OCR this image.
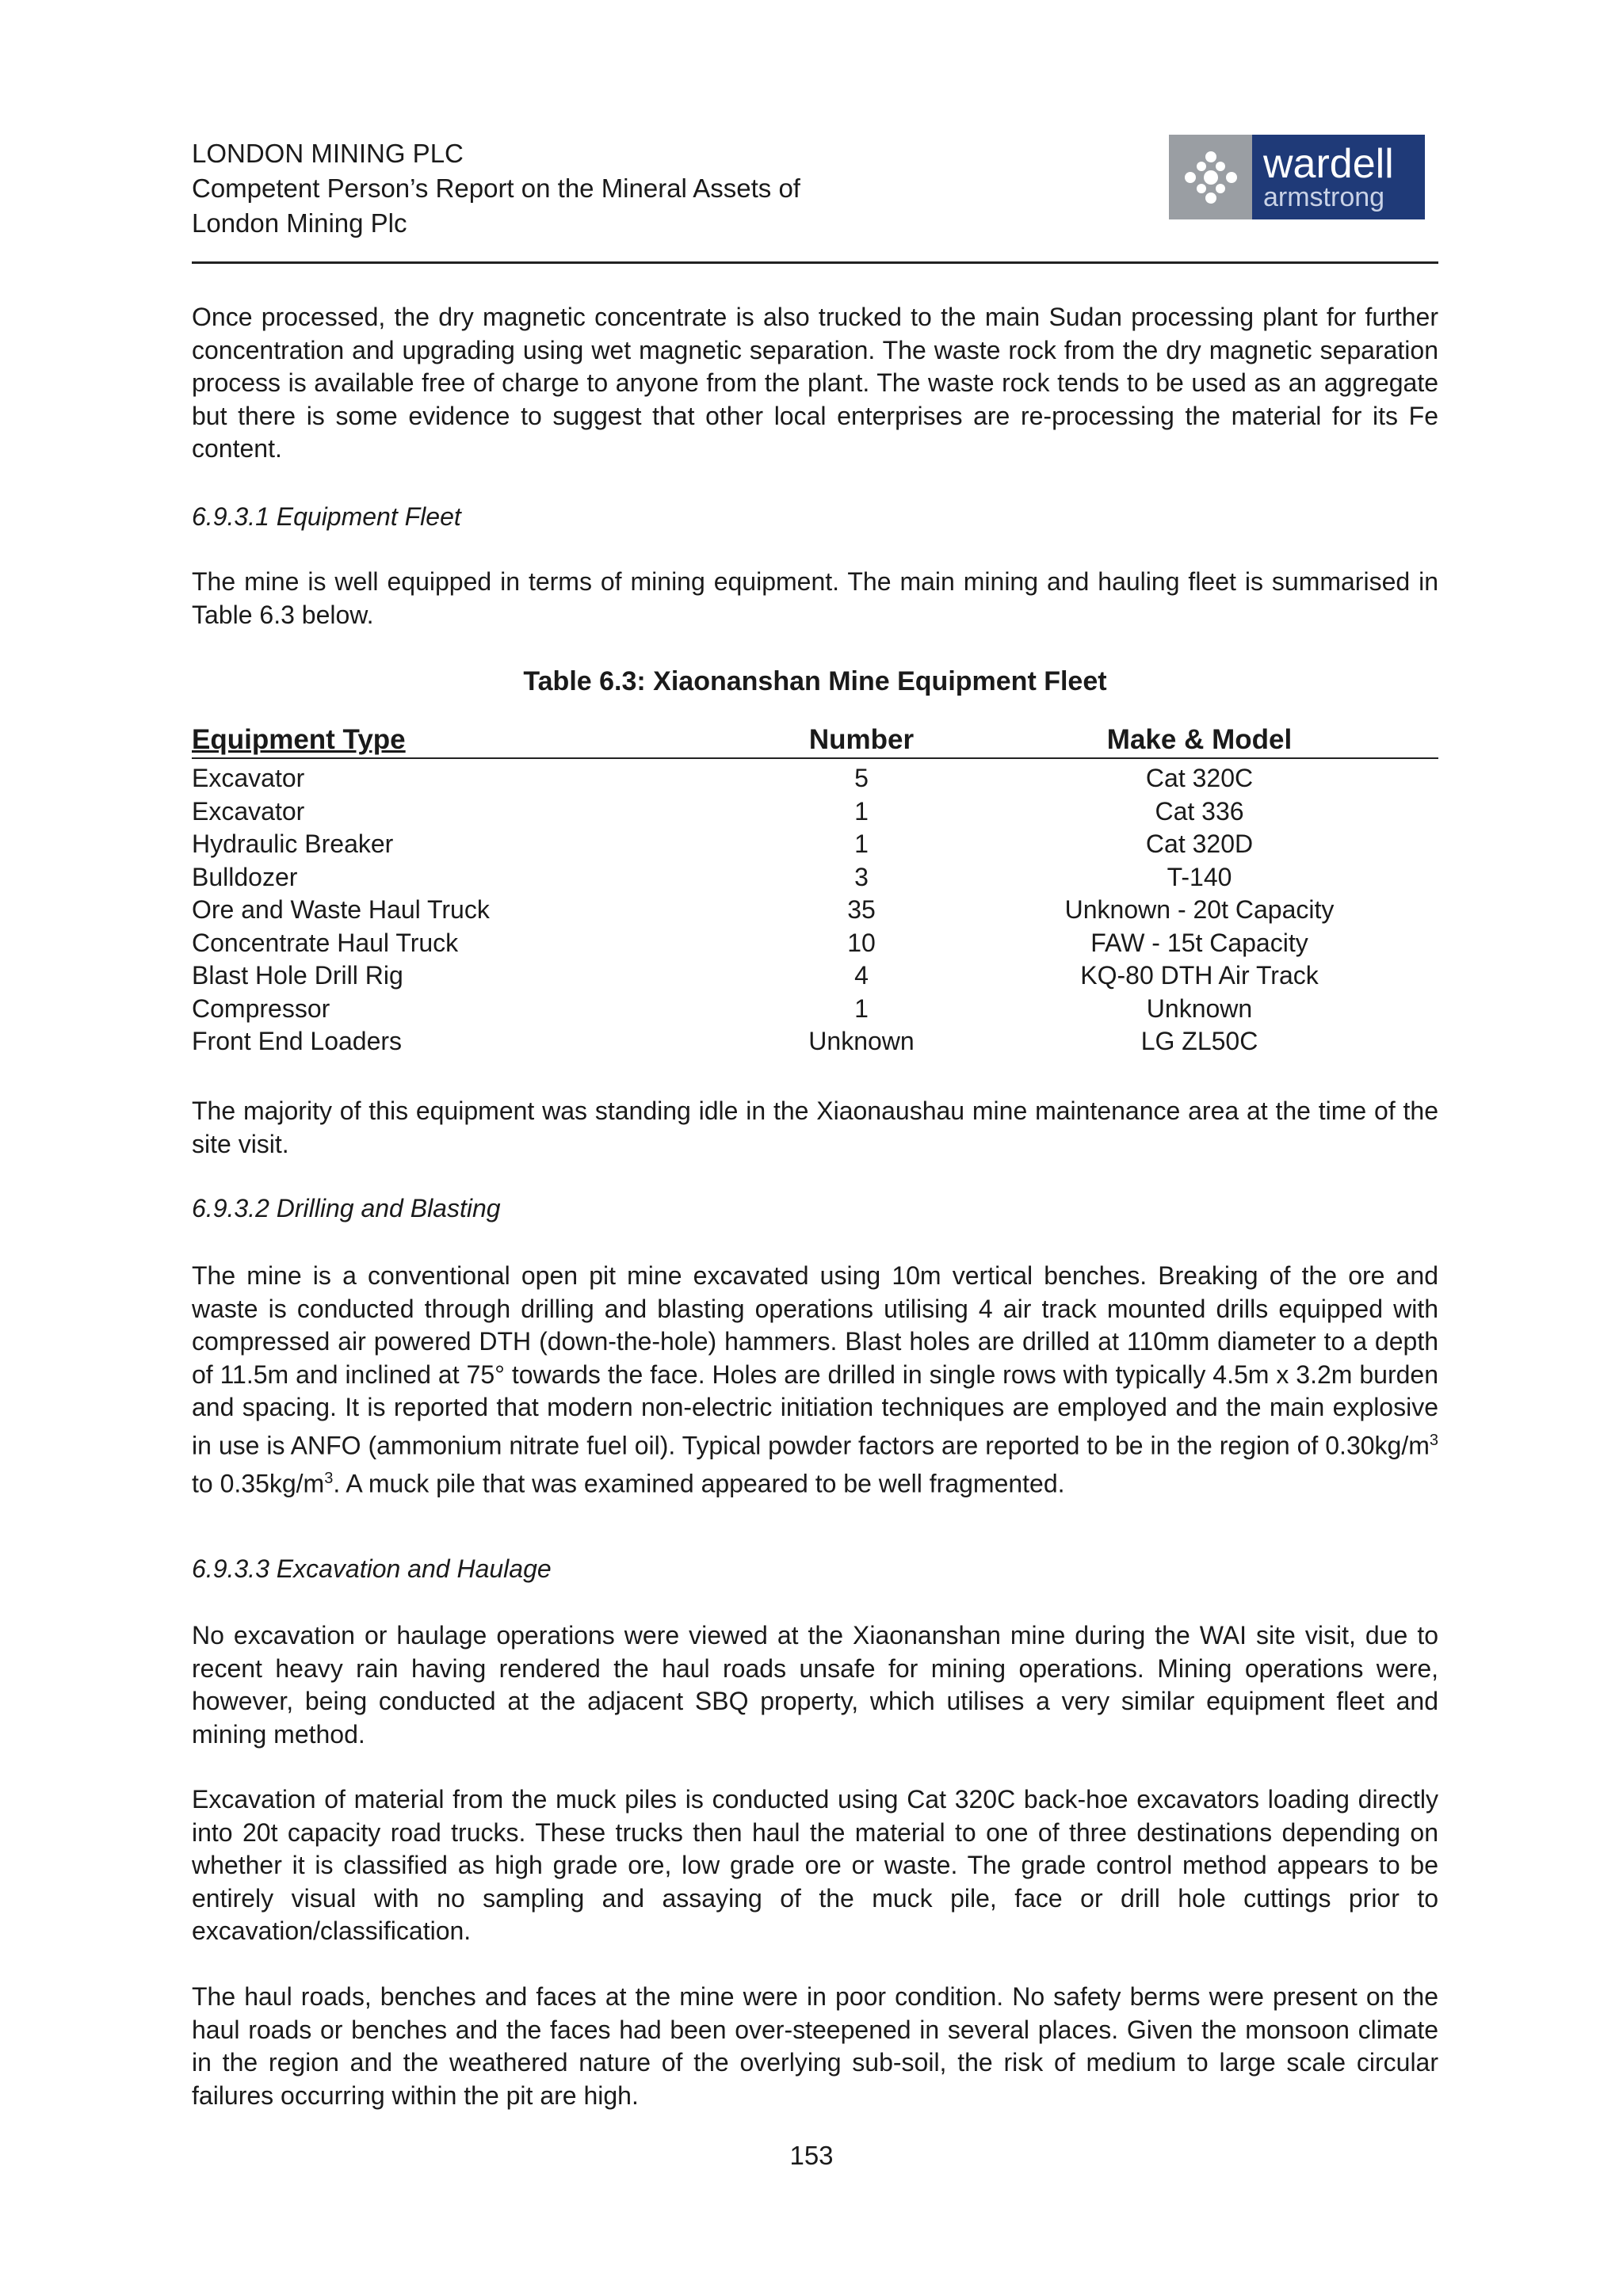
LONDON MINING PLC
Competent Person’s Report on the Mineral Assets of
London Mining Plc
wardell
armstrong

Once processed, the dry magnetic concentrate is also trucked to the main Sudan processing plant for further concentration and upgrading using wet magnetic separation. The waste rock from the dry magnetic separation process is available free of charge to anyone from the plant. The waste rock tends to be used as an aggregate but there is some evidence to suggest that other local enterprises are re-processing the material for its Fe content.

6.9.3.1 Equipment Fleet

The mine is well equipped in terms of mining equipment. The main mining and hauling fleet is summarised in Table 6.3 below.

Table 6.3: Xiaonanshan Mine Equipment Fleet
Equipment Type	Number	Make & Model
Excavator	5	Cat 320C
Excavator	1	Cat 336
Hydraulic Breaker	1	Cat 320D
Bulldozer	3	T-140
Ore and Waste Haul Truck	35	Unknown - 20t Capacity
Concentrate Haul Truck	10	FAW - 15t Capacity
Blast Hole Drill Rig	4	KQ-80 DTH Air Track
Compressor	1	Unknown
Front End Loaders	Unknown	LG ZL50C

The majority of this equipment was standing idle in the Xiaonaushau mine maintenance area at the time of the site visit.

6.9.3.2 Drilling and Blasting

The mine is a conventional open pit mine excavated using 10m vertical benches. Breaking of the ore and waste is conducted through drilling and blasting operations utilising 4 air track mounted drills equipped with compressed air powered DTH (down-the-hole) hammers. Blast holes are drilled at 110mm diameter to a depth of 11.5m and inclined at 75° towards the face. Holes are drilled in single rows with typically 4.5m x 3.2m burden and spacing. It is reported that modern non-electric initiation techniques are employed and the main explosive in use is ANFO (ammonium nitrate fuel oil). Typical powder factors are reported to be in the region of $0.30kg/m^3$ to $0.35kg/m^3$. A muck pile that was examined appeared to be well fragmented.

6.9.3.3 Excavation and Haulage

No excavation or haulage operations were viewed at the Xiaonanshan mine during the WAI site visit, due to recent heavy rain having rendered the haul roads unsafe for mining operations. Mining operations were, however, being conducted at the adjacent SBQ property, which utilises a very similar equipment fleet and mining method.

Excavation of material from the muck piles is conducted using Cat 320C back-hoe excavators loading directly into 20t capacity road trucks. These trucks then haul the material to one of three destinations depending on whether it is classified as high grade ore, low grade ore or waste. The grade control method appears to be entirely visual with no sampling and assaying of the muck pile, face or drill hole cuttings prior to excavation/classification.

The haul roads, benches and faces at the mine were in poor condition. No safety berms were present on the haul roads or benches and the faces had been over-steepened in several places. Given the monsoon climate in the region and the weathered nature of the overlying sub-soil, the risk of medium to large scale circular failures occurring within the pit are high.

153
